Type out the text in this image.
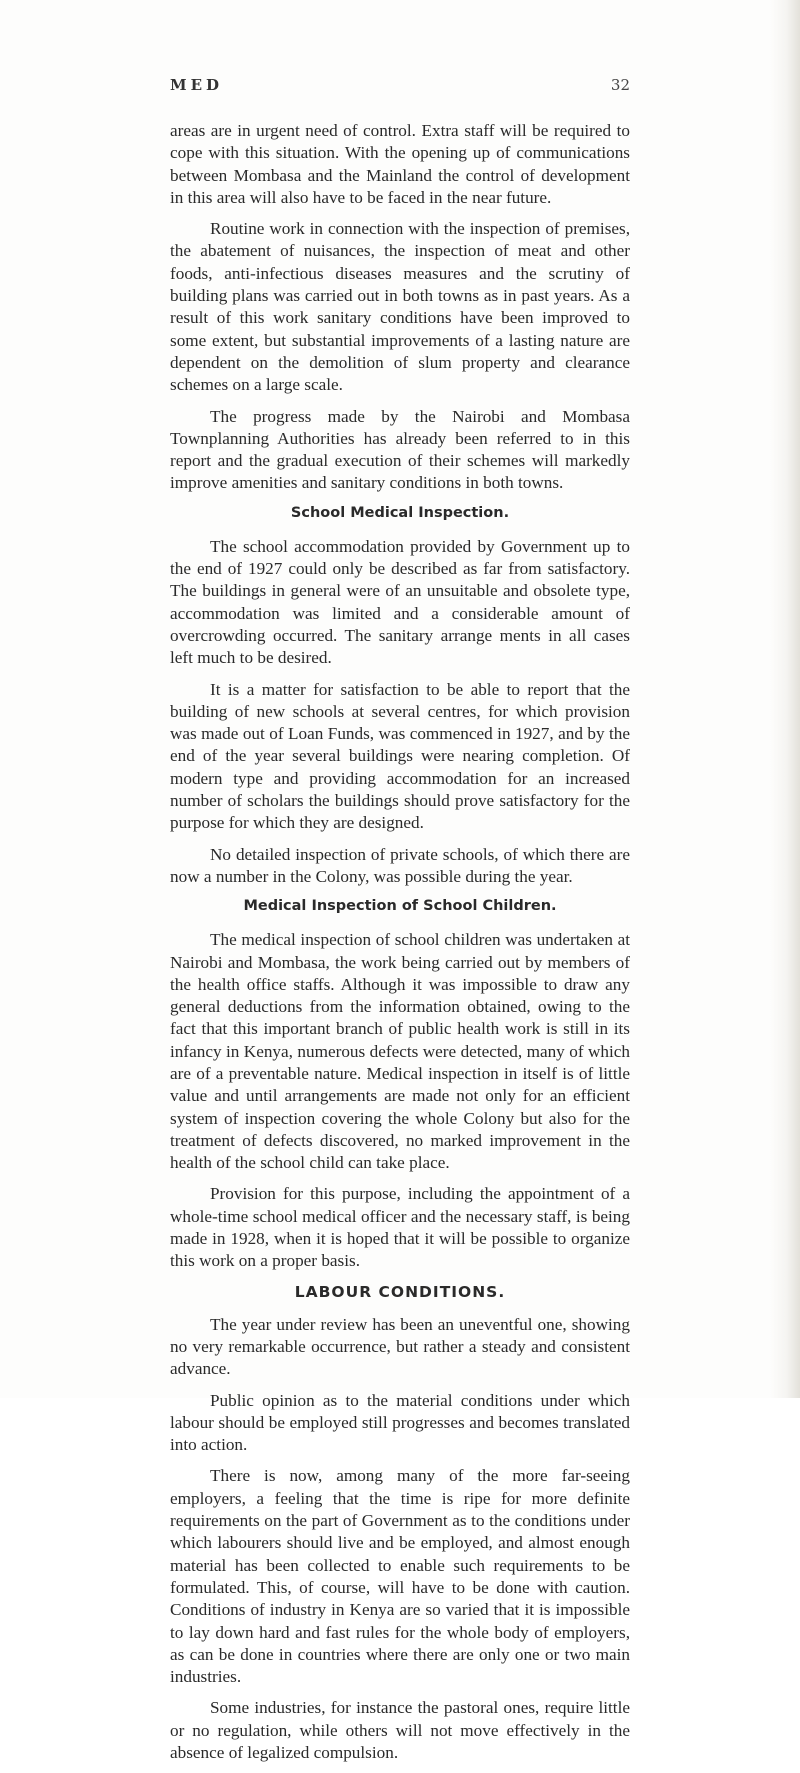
MED	32

areas are in urgent need of control. Extra staff will be required to cope with this situation. With the opening up of communications between Mombasa and the Mainland the control of development in this area will also have to be faced in the near future.

Routine work in connection with the inspection of premises, the abatement of nuisances, the inspection of meat and other foods, anti-infectious diseases measures and the scrutiny of building plans was carried out in both towns as in past years. As a result of this work sanitary conditions have been improved to some extent, but substantial improvements of a lasting nature are dependent on the demolition of slum property and clearance schemes on a large scale.

The progress made by the Nairobi and Mombasa Townplanning Authorities has already been referred to in this report and the gradual execution of their schemes will markedly improve amenities and sanitary conditions in both towns.

School Medical Inspection.

The school accommodation provided by Government up to the end of 1927 could only be described as far from satisfactory. The buildings in general were of an unsuitable and obsolete type, accommodation was limited and a considerable amount of overcrowding occurred. The sanitary arrange ments in all cases left much to be desired.

It is a matter for satisfaction to be able to report that the building of new schools at several centres, for which provision was made out of Loan Funds, was commenced in 1927, and by the end of the year several buildings were nearing completion. Of modern type and providing accommodation for an increased number of scholars the buildings should prove satisfactory for the purpose for which they are designed.

No detailed inspection of private schools, of which there are now a number in the Colony, was possible during the year.

Medical Inspection of School Children.

The medical inspection of school children was undertaken at Nairobi and Mombasa, the work being carried out by members of the health office staffs. Although it was impossible to draw any general deductions from the information obtained, owing to the fact that this important branch of public health work is still in its infancy in Kenya, numerous defects were detected, many of which are of a preventable nature. Medical inspection in itself is of little value and until arrangements are made not only for an efficient system of inspection covering the whole Colony but also for the treatment of defects discovered, no marked improvement in the health of the school child can take place.

Provision for this purpose, including the appointment of a whole-time school medical officer and the necessary staff, is being made in 1928, when it is hoped that it will be possible to organize this work on a proper basis.

LABOUR CONDITIONS.

The year under review has been an uneventful one, showing no very remarkable occurrence, but rather a steady and consistent advance.

Public opinion as to the material conditions under which labour should be employed still progresses and becomes translated into action.

There is now, among many of the more far-seeing employers, a feeling that the time is ripe for more definite requirements on the part of Government as to the conditions under which labourers should live and be employed, and almost enough material has been collected to enable such requirements to be formulated. This, of course, will have to be done with caution. Conditions of industry in Kenya are so varied that it is impossible to lay down hard and fast rules for the whole body of employers, as can be done in countries where there are only one or two main industries.

Some industries, for instance the pastoral ones, require little or no regulation, while others will not move effectively in the absence of legalized compulsion.
